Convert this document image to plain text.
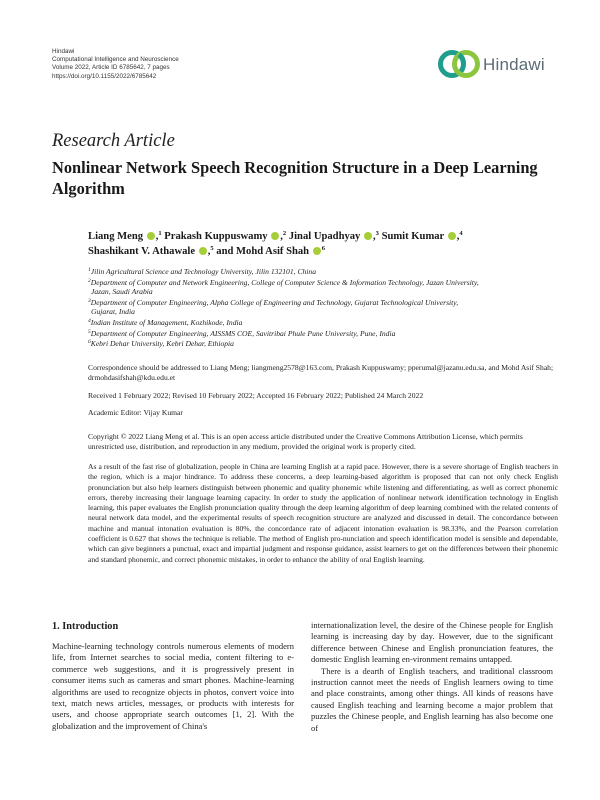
Hindawi
Computational Intelligence and Neuroscience
Volume 2022, Article ID 6785642, 7 pages
https://doi.org/10.1155/2022/6785642
Hindawi
Research Article
Nonlinear Network Speech Recognition Structure in a Deep Learning Algorithm
Liang Meng ,$^1$ Prakash Kuppuswamy ,$^2$ Jinal Upadhyay ,$^3$ Sumit Kumar ,$^4$
Shashikant V. Athawale ,$^5$ and Mohd Asif Shah $^6$
$^1$Jilin Agricultural Science and Technology University, Jilin 132101, China
$^2$Department of Computer and Network Engineering, College of Computer Science & Information Technology, Jazan University,
Jazan, Saudi Arabia
$^3$Department of Computer Engineering, Alpha College of Engineering and Technology, Gujarat Technological University,
Gujarat, India
$^4$Indian Institute of Management, Kozhikode, India
$^5$Department of Computer Engineering, AISSMS COE, Savitribai Phule Pune University, Pune, India
$^6$Kebri Dehar University, Kebri Dehar, Ethiopia
Correspondence should be addressed to Liang Meng; liangmeng2578@163.com, Prakash Kuppuswamy; pperumal@jazanu.edu.sa, and Mohd Asif Shah; drmohdasifshah@kdu.edu.et
Received 1 February 2022; Revised 10 February 2022; Accepted 16 February 2022; Published 24 March 2022
Academic Editor: Vijay Kumar
Copyright © 2022 Liang Meng et al. This is an open access article distributed under the Creative Commons Attribution License, which permits unrestricted use, distribution, and reproduction in any medium, provided the original work is properly cited.
As a result of the fast rise of globalization, people in China are learning English at a rapid pace. However, there is a severe shortage of English teachers in the region, which is a major hindrance. To address these concerns, a deep learning-based algorithm is proposed that can not only check English pronunciation but also help learners distinguish between phonemic and quality phonemic while listening and differentiating, as well as correct phonemic errors, thereby increasing their language learning capacity. In order to study the application of nonlinear network identification technology in English learning, this paper evaluates the English pronunciation quality through the deep learning algorithm of deep learning combined with the related contents of neural network data model, and the experimental results of speech recognition structure are analyzed and discussed in detail. The concordance between machine and manual intonation evaluation is 80%, the concordance rate of adjacent intonation evaluation is 98.33%, and the Pearson correlation coefficient is 0.627 that shows the technique is reliable. The method of English pro-nunciation and speech identification model is sensible and dependable, which can give beginners a punctual, exact and impartial judgment and response guidance, assist learners to get on the differences between their phonemic and standard phonemic, and correct phonemic mistakes, in order to enhance the ability of oral English learning.
1. Introduction

Machine-learning technology controls numerous elements of modern life, from Internet searches to social media, content filtering to e-commerce web suggestions, and it is progressively present in consumer items such as cameras and smart phones. Machine-learning algorithms are used to recognize objects in photos, convert voice into text, match news articles, messages, or products with interests for users, and choose appropriate search outcomes [1, 2]. With the globalization and the improvement of China's

internationalization level, the desire of the Chinese people for English learning is increasing day by day. However, due to the significant difference between Chinese and English pronunciation features, the domestic English learning en-vironment remains untapped.

There is a dearth of English teachers, and traditional classroom instruction cannot meet the needs of English learners owing to time and place constraints, among other things. All kinds of reasons have caused English teaching and learning become a major problem that puzzles the Chinese people, and English learning has also become one of
